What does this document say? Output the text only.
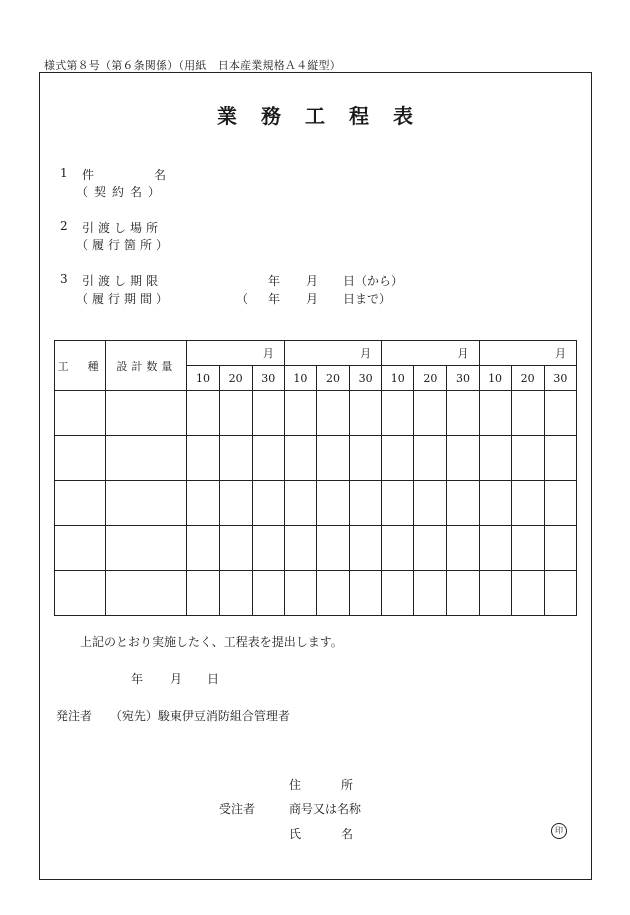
様式第８号（第６条関係）（用紙　日本産業規格Ａ４縦型）
業務工程表
1 件　　　名
（契約名）
2 引渡し場所
（履行箇所）
3 引渡し期限
（履行期間）
年 月 日（から）
（ 年 月 日まで）
工　種	設計数量	月			月			月			月		
		10	20	30	10	20	30	10	20	30	10	20	30

上記のとおり実施したく、工程表を提出します。
年 月 日
発注者 （宛先）駿東伊豆消防組合管理者
住　　　所
受注者	商号又は名称
氏　　　名	印
